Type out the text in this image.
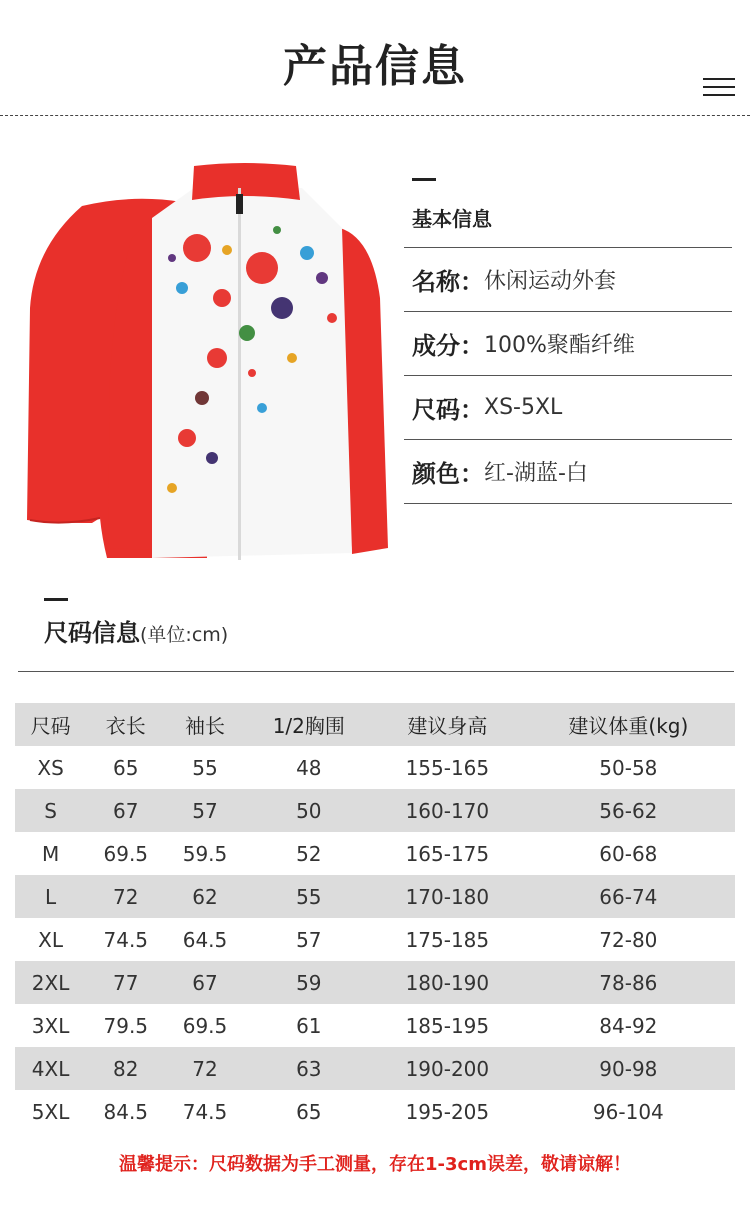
产品信息
基本信息
名称： 休闲运动外套
成分： 100%聚酯纤维
尺码： XS-5XL
颜色： 红-湖蓝-白
尺码信息(单位:cm)
尺码	衣长	袖长	1/2胸围	建议身高	建议体重(kg)
XS	65	55	48	155-165	50-58
S	67	57	50	160-170	56-62
M	69.5	59.5	52	165-175	60-68
L	72	62	55	170-180	66-74
XL	74.5	64.5	57	175-185	72-80
2XL	77	67	59	180-190	78-86
3XL	79.5	69.5	61	185-195	84-92
4XL	82	72	63	190-200	90-98
5XL	84.5	74.5	65	195-205	96-104
温馨提示：尺码数据为手工测量，存在1-3cm误差，敬请谅解！
